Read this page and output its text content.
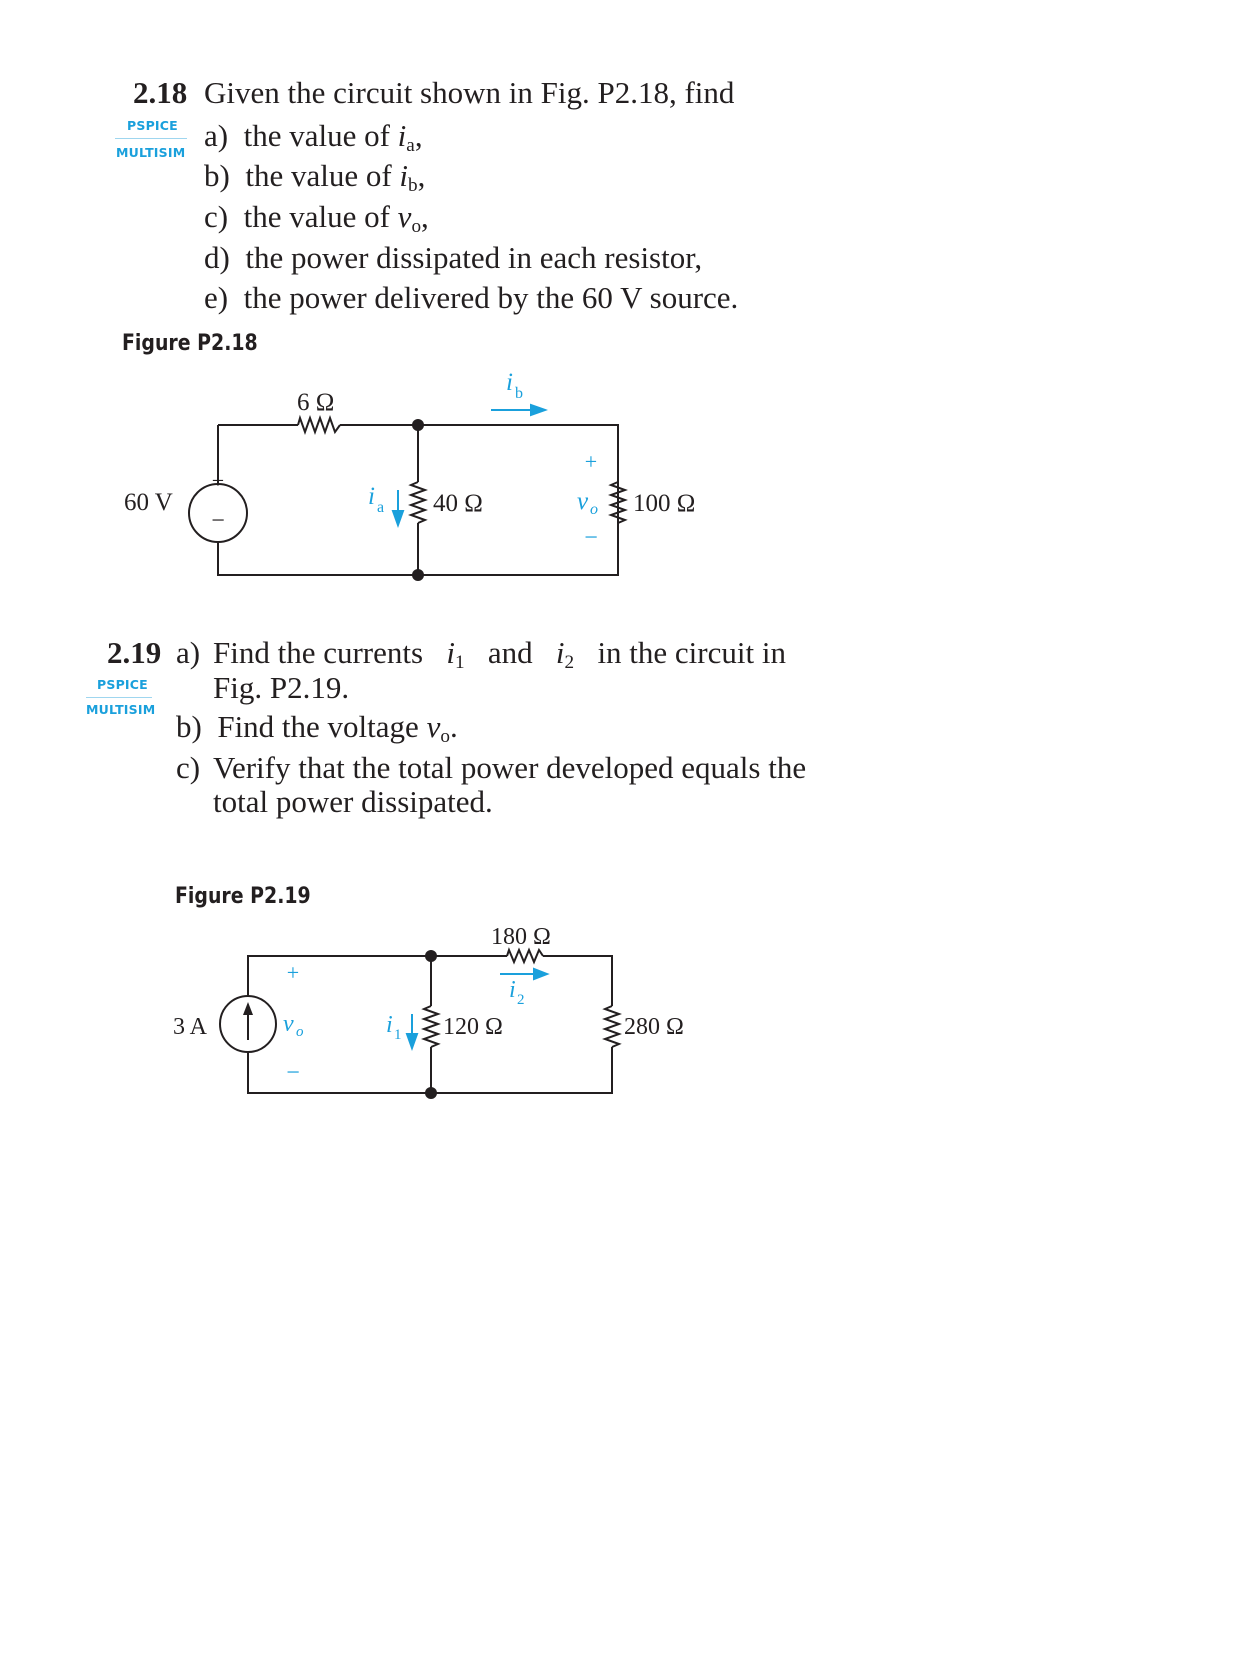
2.18 Given the circuit shown in Fig. P2.18, find
PSPICE
MULTISIM a) the value of $i_a$,
b) the value of $i_b$,
c) the value of $v_o$,
d) the power dissipated in each resistor,
e) the power delivered by the 60 V source.
Figure P2.18
+
−
60 V
6 Ω
40 Ω	100 Ω
i a
i b
+
−
v o
2.19
PSPICE
MULTISIM
a) Find the currents $i_1$ and $i_2$ in the circuit in
Fig. P2.19.
b) Find the voltage $v_o$.
c) Verify that the total power developed equals the
total power dissipated.
Figure P2.19
3 A
180 Ω
120 Ω	280 Ω
i 2
i 1
+
−
v o
